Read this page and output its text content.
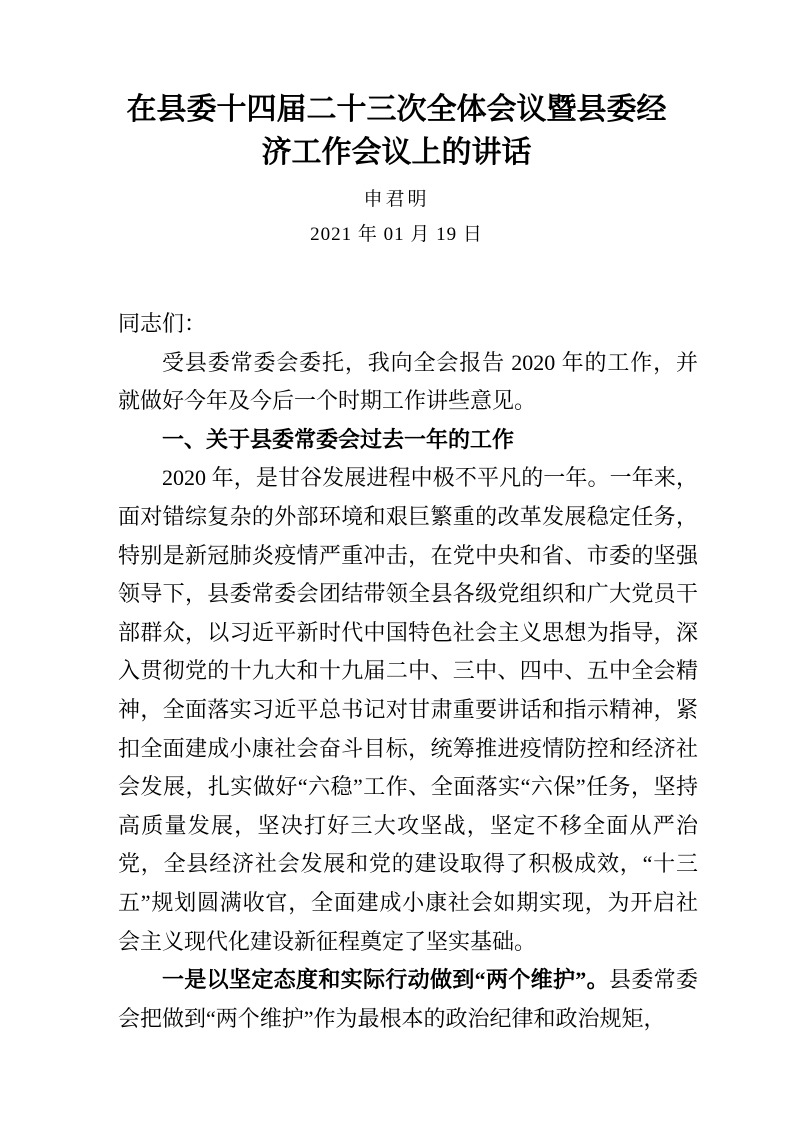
在县委十四届二十三次全体会议暨县委经济工作会议上的讲话
申君明
2021 年 01 月 19 日

同志们：

受县委常委会委托，我向全会报告 2020 年的工作，并就做好今年及今后一个时期工作讲些意见。

一、关于县委常委会过去一年的工作

2020 年，是甘谷发展进程中极不平凡的一年。一年来，面对错综复杂的外部环境和艰巨繁重的改革发展稳定任务，特别是新冠肺炎疫情严重冲击，在党中央和省、市委的坚强领导下，县委常委会团结带领全县各级党组织和广大党员干部群众，以习近平新时代中国特色社会主义思想为指导，深入贯彻党的十九大和十九届二中、三中、四中、五中全会精神，全面落实习近平总书记对甘肃重要讲话和指示精神，紧扣全面建成小康社会奋斗目标，统筹推进疫情防控和经济社会发展，扎实做好“六稳”工作、全面落实“六保”任务，坚持高质量发展，坚决打好三大攻坚战，坚定不移全面从严治党，全县经济社会发展和党的建设取得了积极成效，“十三五”规划圆满收官，全面建成小康社会如期实现，为开启社会主义现代化建设新征程奠定了坚实基础。

一是以坚定态度和实际行动做到“两个维护”。县委常委会把做到“两个维护”作为最根本的政治纪律和政治规矩，
